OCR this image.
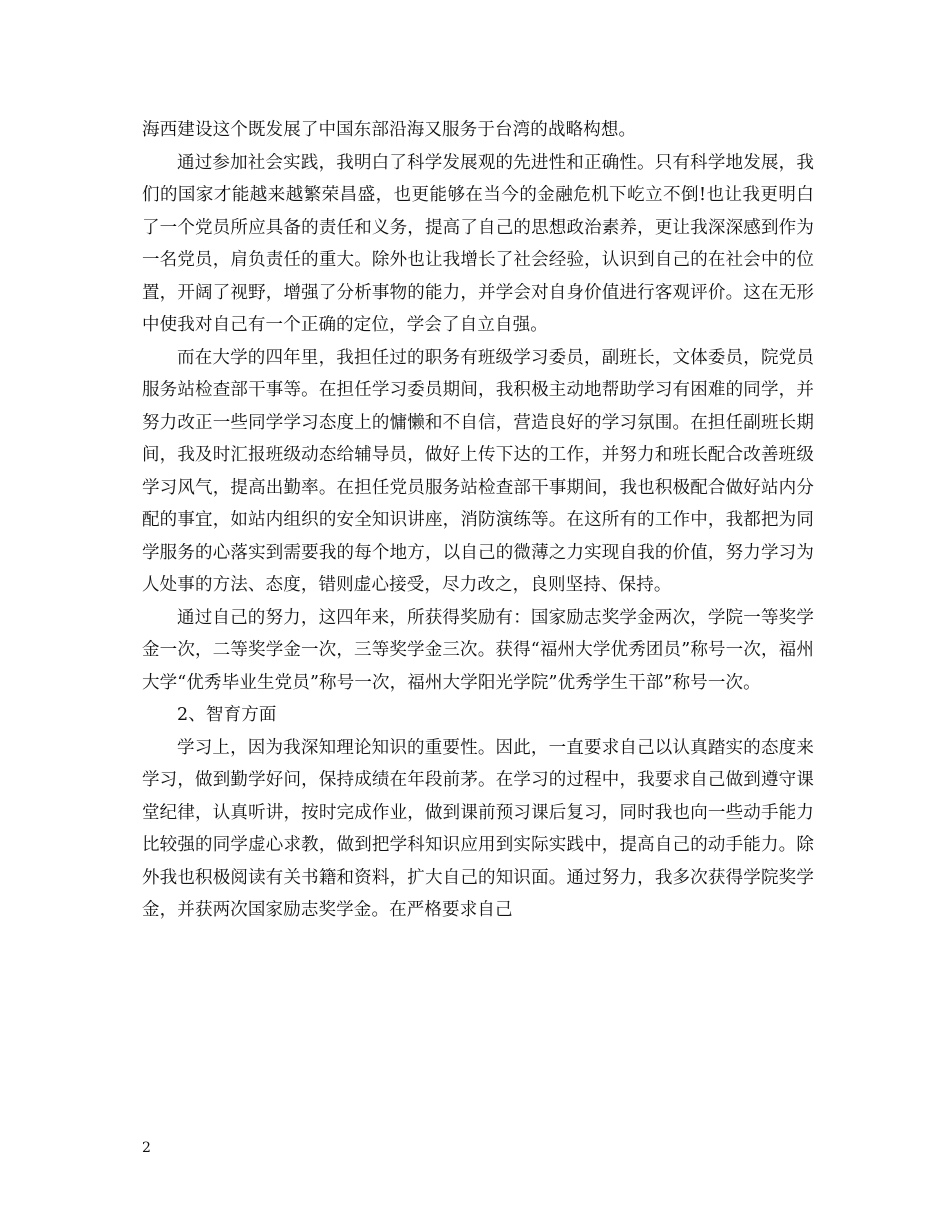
海西建设这个既发展了中国东部沿海又服务于台湾的战略构想。

通过参加社会实践，我明白了科学发展观的先进性和正确性。只有科学地发展，我们的国家才能越来越繁荣昌盛，也更能够在当今的金融危机下屹立不倒!也让我更明白了一个党员所应具备的责任和义务，提高了自己的思想政治素养，更让我深深感到作为一名党员，肩负责任的重大。除外也让我增长了社会经验，认识到自己的在社会中的位置，开阔了视野，增强了分析事物的能力，并学会对自身价值进行客观评价。这在无形中使我对自己有一个正确的定位，学会了自立自强。

而在大学的四年里，我担任过的职务有班级学习委员，副班长，文体委员，院党员服务站检查部干事等。在担任学习委员期间，我积极主动地帮助学习有困难的同学，并努力改正一些同学学习态度上的慵懒和不自信，营造良好的学习氛围。在担任副班长期间，我及时汇报班级动态给辅导员，做好上传下达的工作，并努力和班长配合改善班级学习风气，提高出勤率。在担任党员服务站检查部干事期间，我也积极配合做好站内分配的事宜，如站内组织的安全知识讲座，消防演练等。在这所有的工作中，我都把为同学服务的心落实到需要我的每个地方，以自己的微薄之力实现自我的价值，努力学习为人处事的方法、态度，错则虚心接受，尽力改之，良则坚持、保持。

通过自己的努力，这四年来，所获得奖励有：国家励志奖学金两次，学院一等奖学金一次，二等奖学金一次，三等奖学金三次。获得“福州大学优秀团员”称号一次，福州大学“优秀毕业生党员”称号一次，福州大学阳光学院”优秀学生干部”称号一次。

2、智育方面

学习上，因为我深知理论知识的重要性。因此，一直要求自己以认真踏实的态度来学习，做到勤学好问，保持成绩在年段前茅。在学习的过程中，我要求自己做到遵守课堂纪律，认真听讲，按时完成作业，做到课前预习课后复习，同时我也向一些动手能力比较强的同学虚心求教，做到把学科知识应用到实际实践中，提高自己的动手能力。除外我也积极阅读有关书籍和资料，扩大自己的知识面。通过努力，我多次获得学院奖学金，并获两次国家励志奖学金。在严格要求自己

2
